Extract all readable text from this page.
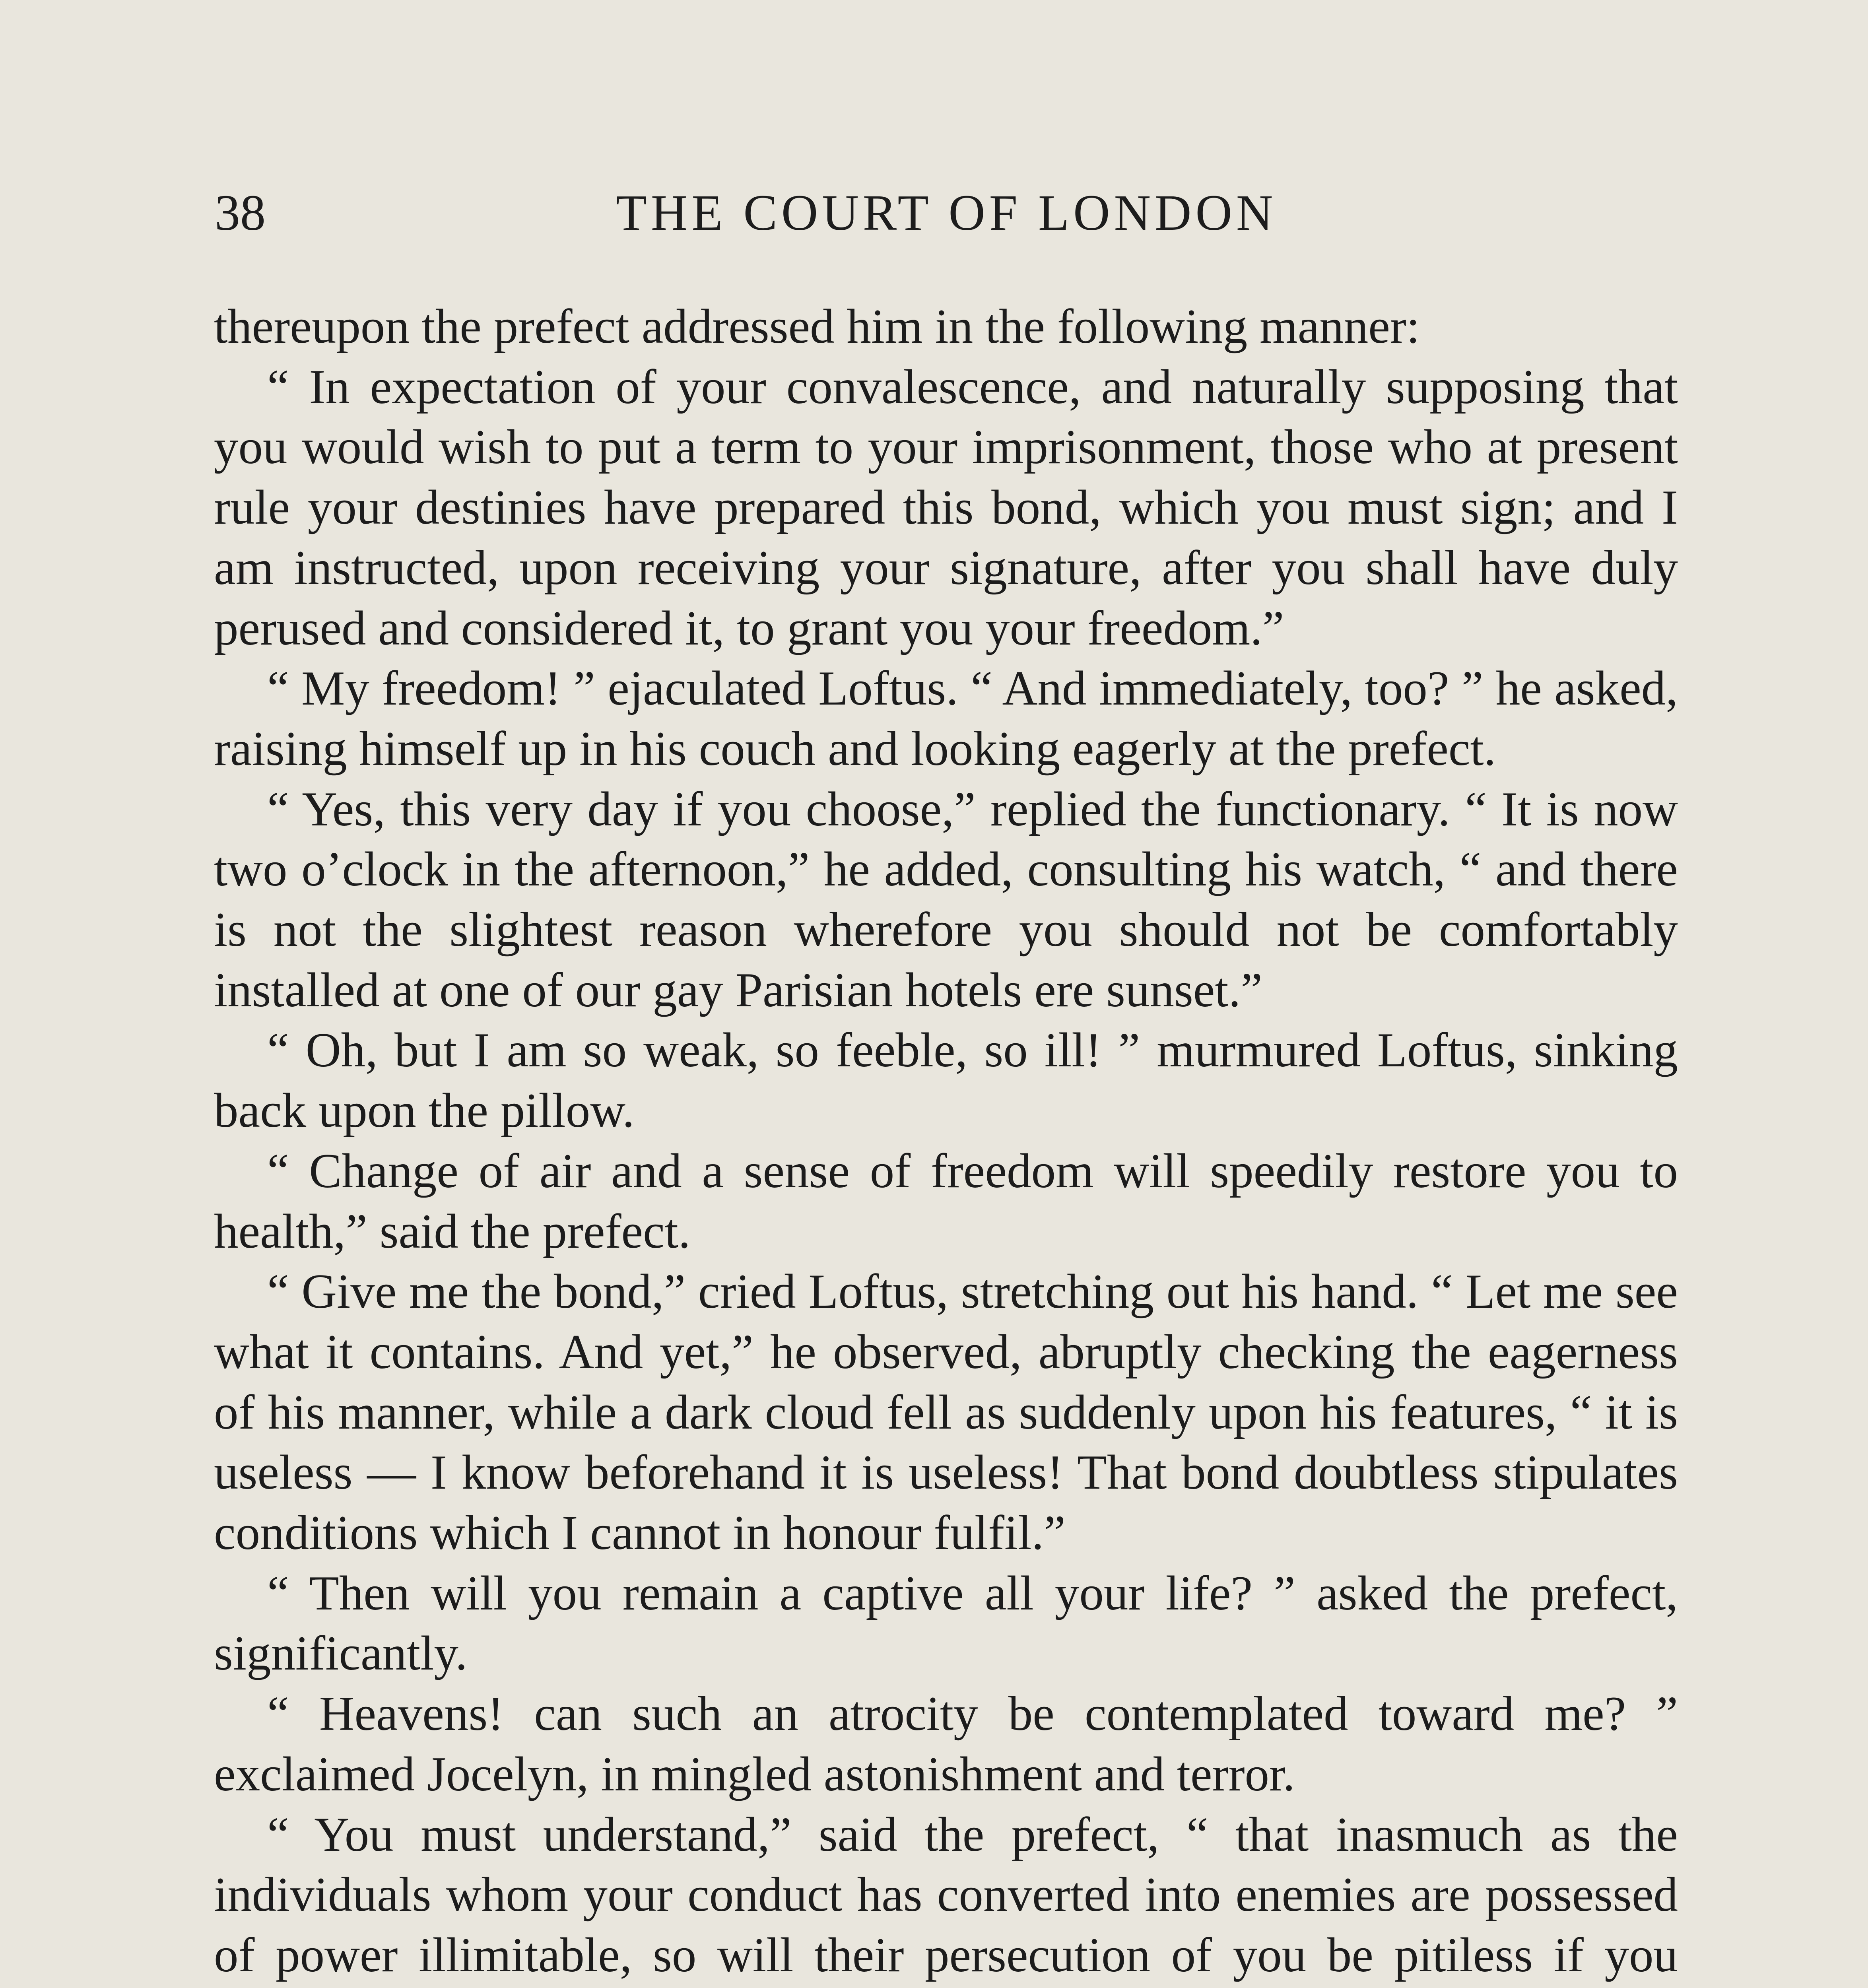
38	THE COURT OF LONDON

thereupon the prefect addressed him in the following manner:

“ In expectation of your convalescence, and naturally supposing that you would wish to put a term to your imprisonment, those who at present rule your destinies have prepared this bond, which you must sign; and I am instructed, upon receiving your signature, after you shall have duly perused and considered it, to grant you your freedom.”

“ My freedom! ” ejaculated Loftus. “ And immediately, too? ” he asked, raising himself up in his couch and looking eagerly at the prefect.

“ Yes, this very day if you choose,” replied the functionary. “ It is now two o’clock in the afternoon,” he added, consulting his watch, “ and there is not the slightest reason wherefore you should not be comfortably installed at one of our gay Parisian hotels ere sunset.”

“ Oh, but I am so weak, so feeble, so ill! ” murmured Loftus, sinking back upon the pillow.

“ Change of air and a sense of freedom will speedily restore you to health,” said the prefect.

“ Give me the bond,” cried Loftus, stretching out his hand. “ Let me see what it contains. And yet,” he observed, abruptly checking the eagerness of his manner, while a dark cloud fell as suddenly upon his features, “ it is useless — I know beforehand it is useless! That bond doubtless stipulates conditions which I cannot in honour fulfil.”

“ Then will you remain a captive all your life? ” asked the prefect, significantly.

“ Heavens! can such an atrocity be contemplated toward me? ” exclaimed Jocelyn, in mingled astonishment and terror.

“ You must understand,” said the prefect, “ that inasmuch as the individuals whom your conduct has converted into enemies are possessed of power illimitable, so will their persecution of you be pitiless if you
